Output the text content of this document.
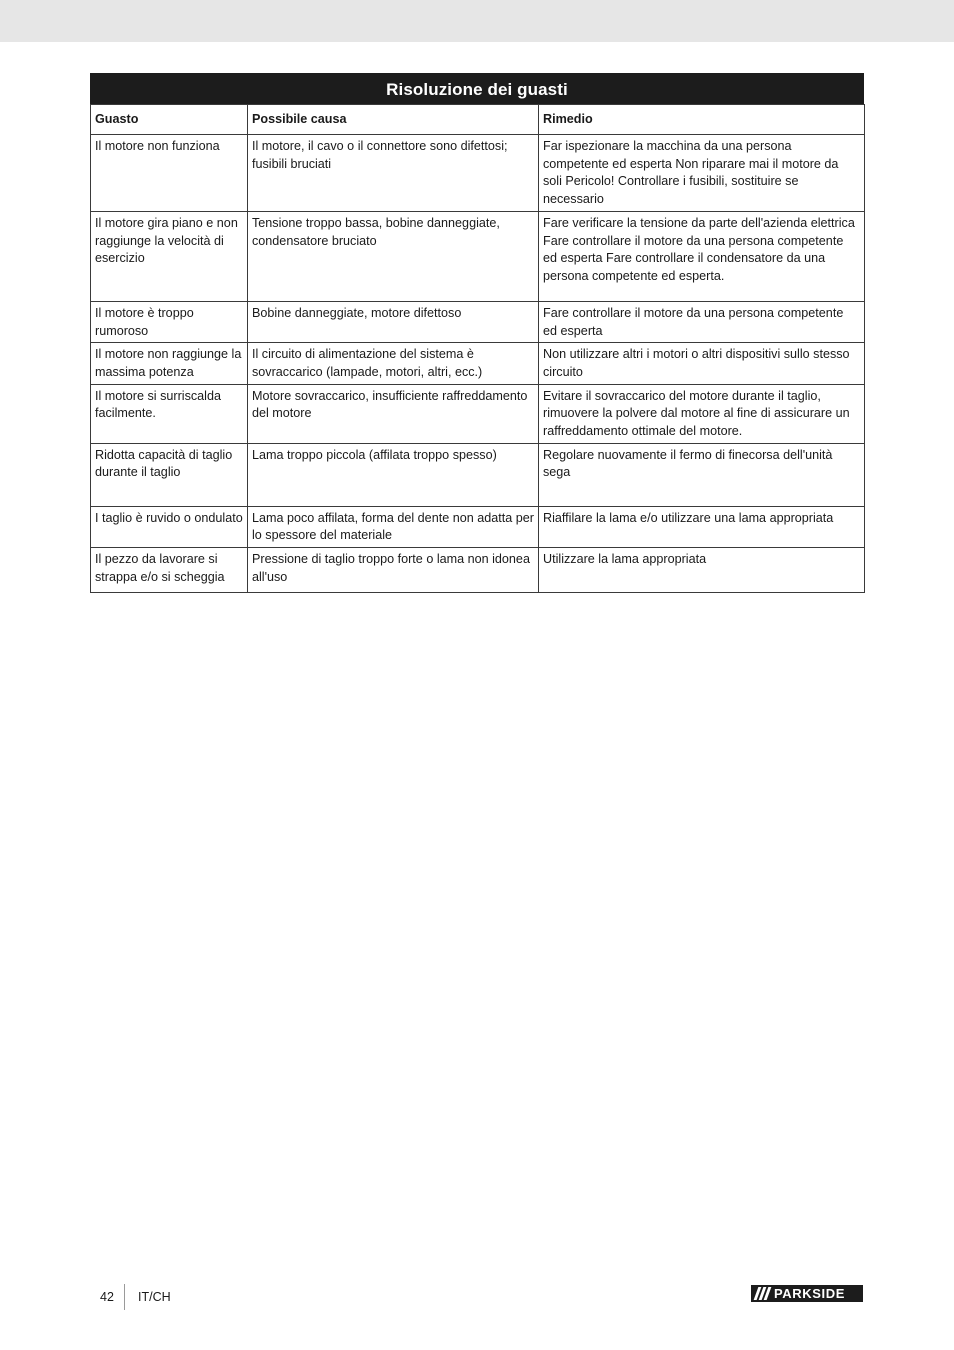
Risoluzione dei guasti
Guasto	Possibile causa	Rimedio
Il motore non funziona	Il motore, il cavo o il connettore sono difettosi; fusibili bruciati	Far ispezionare la macchina da una persona competente ed esperta Non riparare mai il motore da soli Pericolo! Controllare i fusibili, sostituire se necessario
Il motore gira piano e non raggiunge la velocità di esercizio	Tensione troppo bassa, bobine danneggiate, condensatore bruciato	Fare verificare la tensione da parte dell'azienda elettrica Fare controllare il motore da una persona competente ed esperta Fare controllare il condensatore da una persona competente ed esperta.
Il motore è troppo rumoroso	Bobine danneggiate, motore difettoso	Fare controllare il motore da una persona competente ed esperta
Il motore non raggiunge la massima potenza	Il circuito di alimentazione del sistema è sovraccarico (lampade, motori, altri, ecc.)	Non utilizzare altri i motori o altri dispositivi sullo stesso circuito
Il motore si surriscalda facilmente.	Motore sovraccarico, insufficiente raffreddamento del motore	Evitare il sovraccarico del motore durante il taglio, rimuovere la polvere dal motore al fine di assicurare un raffreddamento ottimale del motore.
Ridotta capacità di taglio durante il taglio	Lama troppo piccola (affilata troppo spesso)	Regolare nuovamente il fermo di finecorsa dell'unità sega
I taglio è ruvido o ondulato	Lama poco affilata, forma del dente non adatta per lo spessore del materiale	Riaffilare la lama e/o utilizzare una lama appropriata
Il pezzo da lavorare si strappa e/o si scheggia	Pressione di taglio troppo forte o lama non idonea all'uso	Utilizzare la lama appropriata
42 IT/CH	PARKSIDE
